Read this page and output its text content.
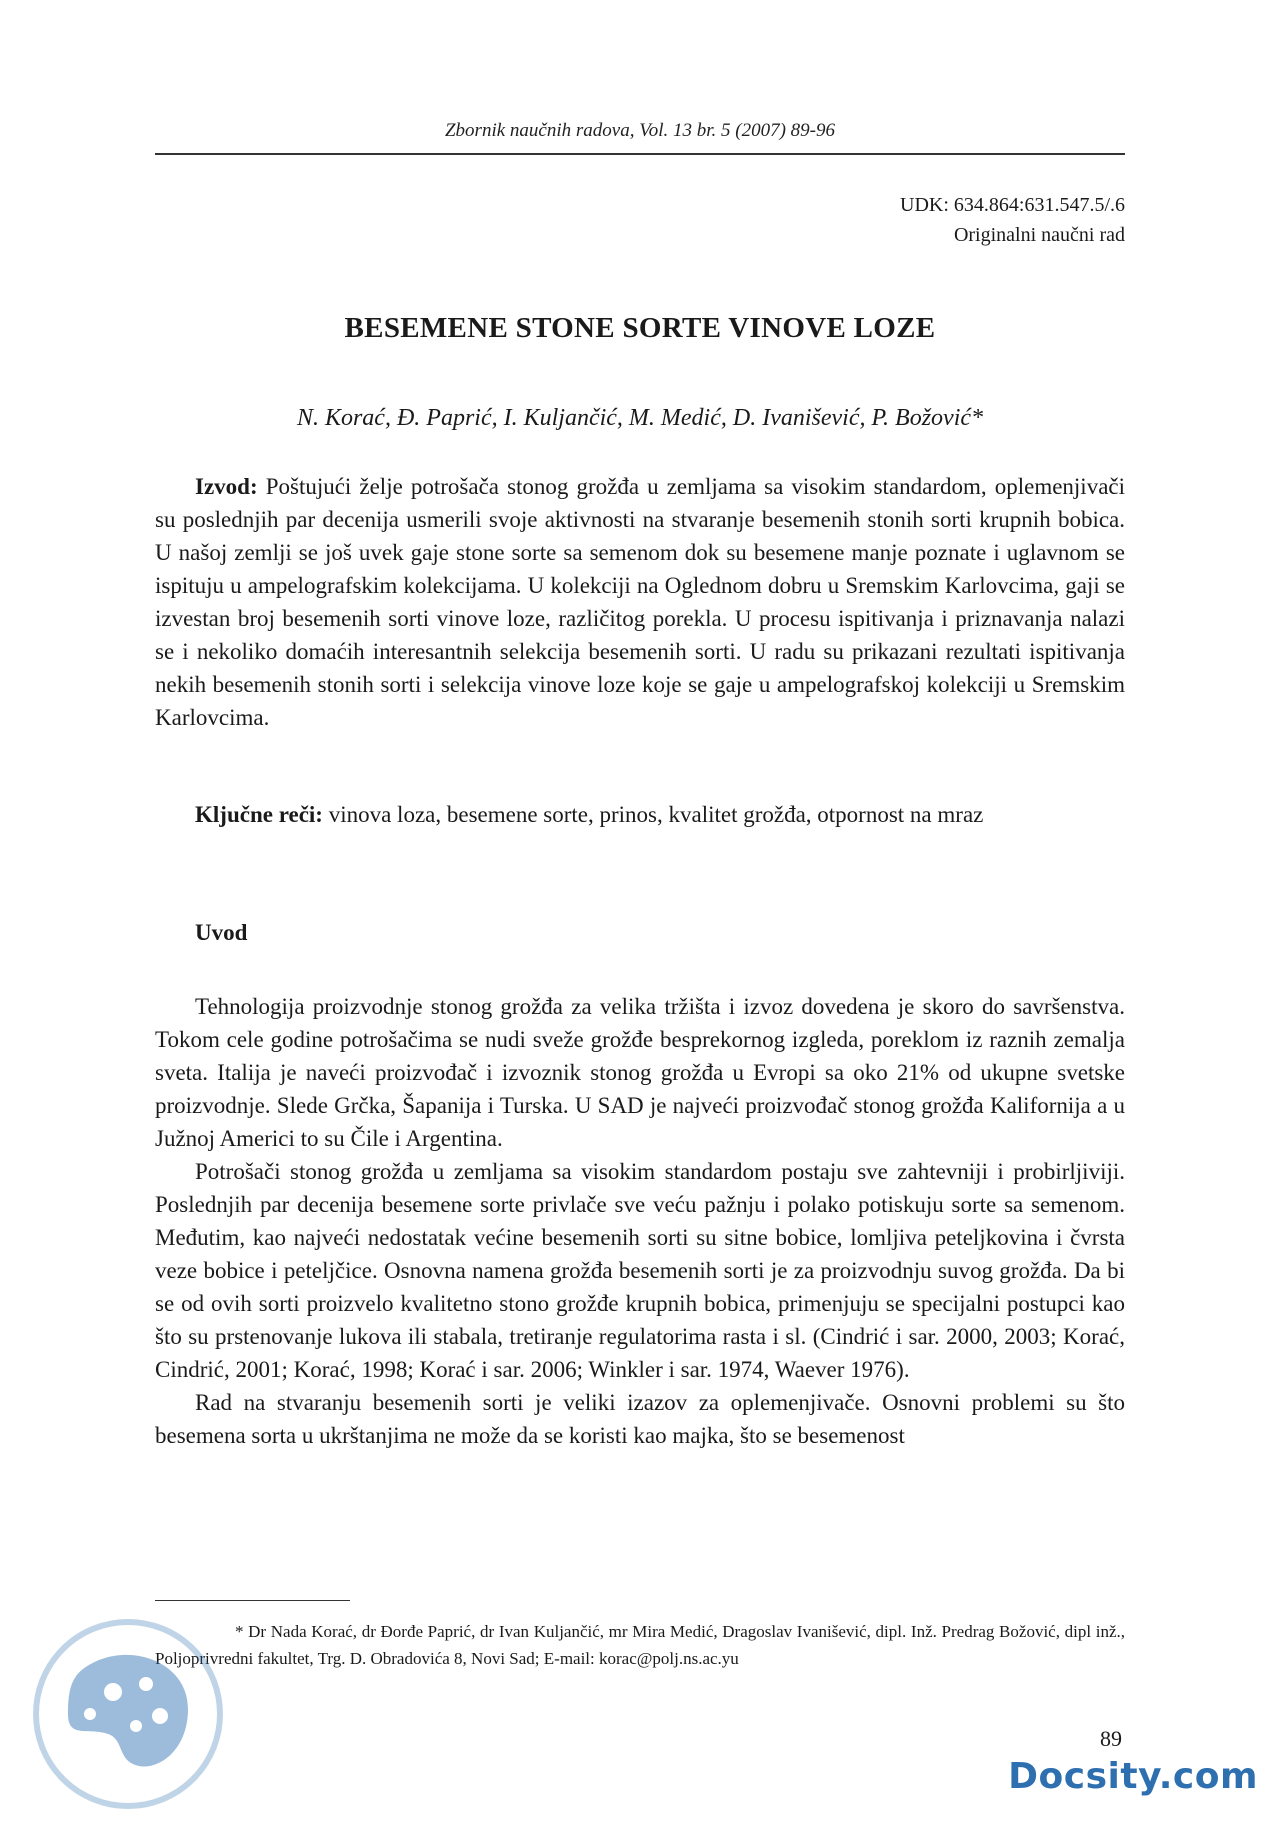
Zbornik naučnih radova, Vol. 13 br. 5 (2007) 89-96
UDK: 634.864:631.547.5/.6
Originalni naučni rad
BESEMENE STONE SORTE VINOVE LOZE
N. Korać, Đ. Paprić, I. Kuljančić, M. Medić, D. Ivanišević, P. Božović*

Izvod: Poštujući želje potrošača stonog grožđa u zemljama sa visokim standardom, oplemenjivači su poslednjih par decenija usmerili svoje aktivnosti na stvaranje besemenih stonih sorti krupnih bobica. U našoj zemlji se još uvek gaje stone sorte sa semenom dok su besemene manje poznate i uglavnom se ispituju u ampelografskim kolekcijama. U kolekciji na Oglednom dobru u Sremskim Karlovcima, gaji se izvestan broj besemenih sorti vinove loze, različitog porekla. U procesu ispitivanja i priznavanja nalazi se i nekoliko domaćih interesantnih selekcija besemenih sorti. U radu su prikazani rezultati ispitivanja nekih besemenih stonih sorti i selekcija vinove loze koje se gaje u ampelografskoj kolekciji u Sremskim Karlovcima.

Ključne reči: vinova loza, besemene sorte, prinos, kvalitet grožđa, otpornost na mraz

Uvod

Tehnologija proizvodnje stonog grožđa za velika tržišta i izvoz dovedena je skoro do savršenstva. Tokom cele godine potrošačima se nudi sveže grožđe besprekornog izgleda, poreklom iz raznih zemalja sveta. Italija je naveći proizvođač i izvoznik stonog grožđa u Evropi sa oko 21% od ukupne svetske proizvodnje. Slede Grčka, Šapanija i Turska. U SAD je najveći proizvođač stonog grožđa Kalifornija a u Južnoj Americi to su Čile i Argentina.

Potrošači stonog grožđa u zemljama sa visokim standardom postaju sve zahtevniji i probirljiviji. Poslednjih par decenija besemene sorte privlače sve veću pažnju i polako potiskuju sorte sa semenom. Međutim, kao najveći nedostatak većine besemenih sorti su sitne bobice, lomljiva peteljkovina i čvrsta veze bobice i peteljčice. Osnovna namena grožđa besemenih sorti je za proizvodnju suvog grožđa. Da bi se od ovih sorti proizvelo kvalitetno stono grožđe krupnih bobica, primenjuju se specijalni postupci kao što su prstenovanje lukova ili stabala, tretiranje regulatorima rasta i sl. (Cindrić i sar. 2000, 2003; Korać, Cindrić, 2001; Korać, 1998; Korać i sar. 2006; Winkler i sar. 1974, Waever 1976).

Rad na stvaranju besemenih sorti je veliki izazov za oplemenjivače. Osnovni problemi su što besemena sorta u ukrštanjima ne može da se koristi kao majka, što se besemenost

* Dr Nada Korać, dr Đorđe Paprić, dr Ivan Kuljančić, mr Mira Medić, Dragoslav Ivanišević, dipl. Inž. Predrag Božović, dipl inž., Poljoprivredni fakultet, Trg. D. Obradovića 8, Novi Sad; E-mail: korac@polj.ns.ac.yu

89
Docsity.com
